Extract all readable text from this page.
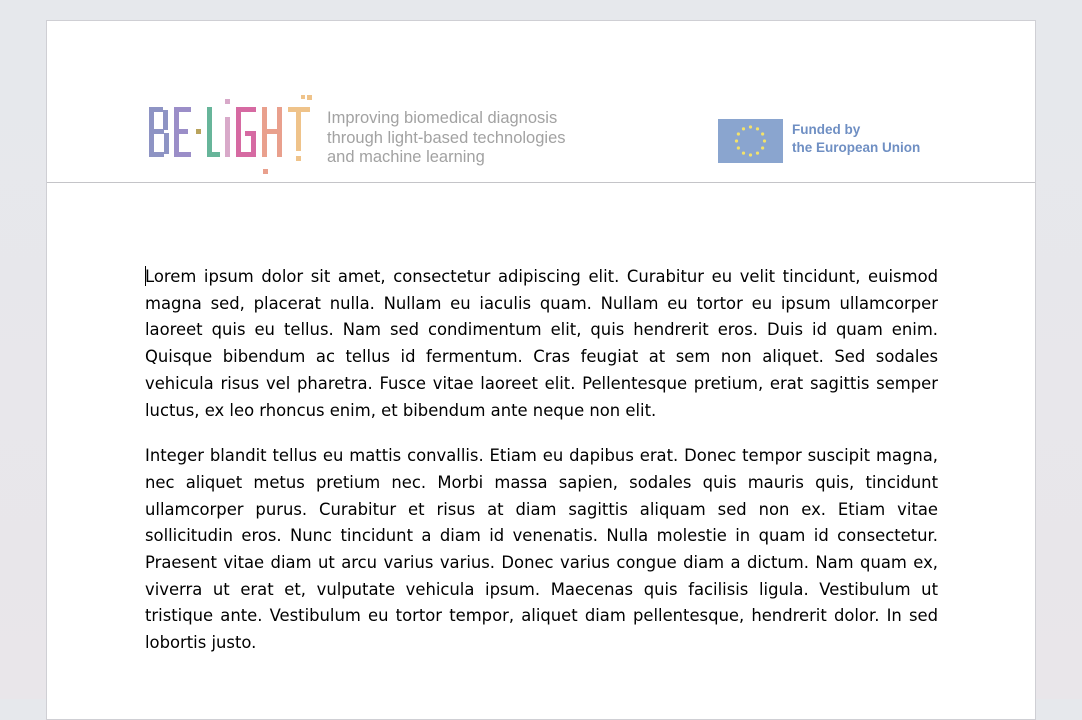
Improving biomedical diagnosis
through light-based technologies
and machine learning
Funded by
the European Union

Lorem ipsum dolor sit amet, consectetur adipiscing elit. Curabitur eu velit tincidunt, euismod magna sed, placerat nulla. Nullam eu iaculis quam. Nullam eu tortor eu ipsum ullamcorper laoreet quis eu tellus. Nam sed condimentum elit, quis hendrerit eros. Duis id quam enim. Quisque bibendum ac tellus id fermentum. Cras feugiat at sem non aliquet. Sed sodales vehicula risus vel pharetra. Fusce vitae laoreet elit. Pellentesque pretium, erat sagittis semper luctus, ex leo rhoncus enim, et bibendum ante neque non elit.

Integer blandit tellus eu mattis convallis. Etiam eu dapibus erat. Donec tempor suscipit magna, nec aliquet metus pretium nec. Morbi massa sapien, sodales quis mauris quis, tincidunt ullamcorper purus. Curabitur et risus at diam sagittis aliquam sed non ex. Etiam vitae sollicitudin eros. Nunc tincidunt a diam id venenatis. Nulla molestie in quam id consectetur. Praesent vitae diam ut arcu varius varius. Donec varius congue diam a dictum. Nam quam ex, viverra ut erat et, vulputate vehicula ipsum. Maecenas quis facilisis ligula. Vestibulum ut tristique ante. Vestibulum eu tortor tempor, aliquet diam pellentesque, hendrerit dolor. In sed lobortis justo.
